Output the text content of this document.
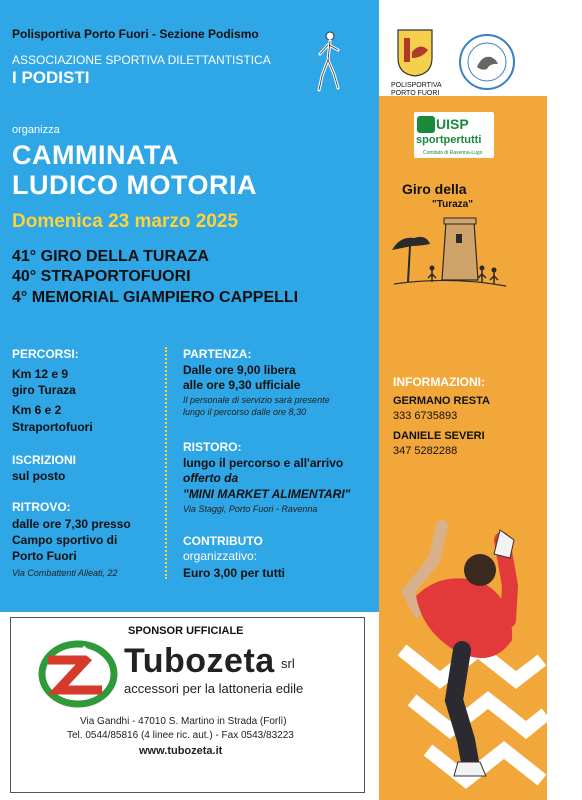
Polisportiva Porto Fuori - Sezione Podismo
ASSOCIAZIONE SPORTIVA DILETTANTISTICA
I PODISTI
organizza
CAMMINATA
LUDICO MOTORIA
Domenica 23 marzo 2025
41° GIRO DELLA TURAZA
40° STRAPORTOFUORI
4° MEMORIAL GIAMPIERO CAPPELLI
PERCORSI:
Km 12 e 9
giro Turaza
Km 6 e 2
Straportofuori
ISCRIZIONI
sul posto
RITROVO:
dalle ore 7,30 presso
Campo sportivo di
Porto Fuori
Via Combattenti Alleati, 22
PARTENZA:
Dalle ore 9,00 libera
alle ore 9,30 ufficiale
Il personale di servizio sarà presente
lungo il percorso dalle ore 8,30
RISTORO:
lungo il percorso e all'arrivo
offerto da
"MINI MARKET ALIMENTARI"
Via Staggi, Porto Fuori - Ravenna
CONTRIBUTO
organizzativo:
Euro 3,00 per tutti
POLISPORTIVA
PORTO FUORI
UISP
sportpertutti
Comitato di Ravenna-Lugo
Giro della
"Turaza"
INFORMAZIONI:
GERMANO RESTA
333 6735893
DANIELE SEVERI
347 5282288
SPONSOR UFFICIALE
Tubozeta srl
accessori per la lattoneria edile
Via Gandhi - 47010 S. Martino in Strada (Forlì)
Tel. 0544/85816 (4 linee ric. aut.) - Fax 0543/83223
www.tubozeta.it
